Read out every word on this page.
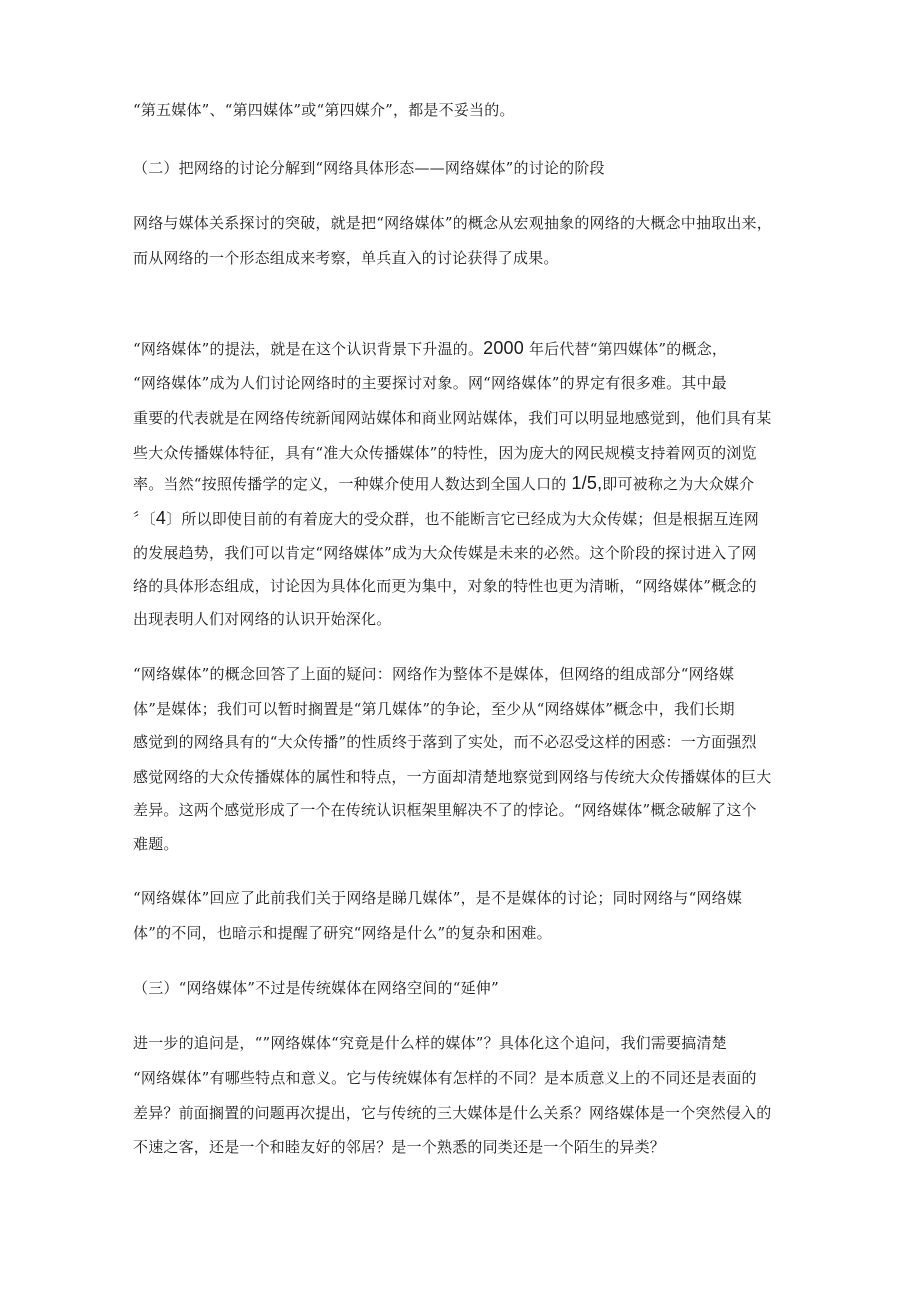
“第五媒体”、“第四媒体”或“第四媒介”，都是不妥当的。
（二）把网络的讨论分解到“网络具体形态——网络媒体”的讨论的阶段
网络与媒体关系探讨的突破，就是把“网络媒体”的概念从宏观抽象的网络的大概念中抽取出来，
而从网络的一个形态组成来考察，单兵直入的讨论获得了成果。
“网络媒体”的提法，就是在这个认识背景下升温的。2000 年后代替“第四媒体”的概念，
“网络媒体”成为人们讨论网络时的主要探讨对象。网“网络媒体”的界定有很多难。其中最
重要的代表就是在网络传统新闻网站媒体和商业网站媒体，我们可以明显地感觉到，他们具有某
些大众传播媒体特征，具有“准大众传播媒体”的特性，因为庞大的网民规模支持着网页的浏览
率。当然“按照传播学的定义，一种媒介使用人数达到全国人口的 1/5,即可被称之为大众媒介
〞〔4〕所以即使目前的有着庞大的受众群，也不能断言它已经成为大众传媒；但是根据互连网
的发展趋势，我们可以肯定“网络媒体”成为大众传媒是未来的必然。这个阶段的探讨进入了网
络的具体形态组成，讨论因为具体化而更为集中，对象的特性也更为清晰，“网络媒体”概念的
出现表明人们对网络的认识开始深化。
“网络媒体”的概念回答了上面的疑问：网络作为整体不是媒体，但网络的组成部分“网络媒
体”是媒体；我们可以暂时搁置是“第几媒体”的争论，至少从“网络媒体”概念中，我们长期
感觉到的网络具有的“大众传播”的性质终于落到了实处，而不必忍受这样的困惑：一方面强烈
感觉网络的大众传播媒体的属性和特点，一方面却清楚地察觉到网络与传统大众传播媒体的巨大
差异。这两个感觉形成了一个在传统认识框架里解决不了的悖论。“网络媒体”概念破解了这个
难题。
“网络媒体”回应了此前我们关于网络是睇几媒体”，是不是媒体的讨论；同时网络与“网络媒
体”的不同，也暗示和提醒了研究“网络是什么”的复杂和困难。
（三）“网络媒体”不过是传统媒体在网络空间的“延伸”
进一步的追问是，“”网络媒体“究竟是什么样的媒体”？具体化这个追问，我们需要搞清楚
“网络媒体”有哪些特点和意义。它与传统媒体有怎样的不同？是本质意义上的不同还是表面的
差异？前面搁置的问题再次提出，它与传统的三大媒体是什么关系？网络媒体是一个突然侵入的
不速之客，还是一个和睦友好的邻居？是一个熟悉的同类还是一个陌生的异类？
